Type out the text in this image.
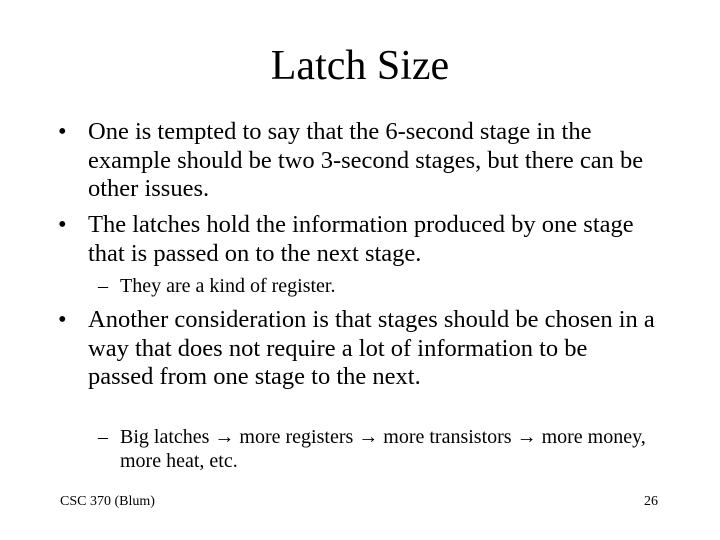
Latch Size
• One is tempted to say that the 6-second stage in the example should be two 3-second stages, but there can be other issues.
• The latches hold the information produced by one stage that is passed on to the next stage.
– They are a kind of register.
• Another consideration is that stages should be chosen in a way that does not require a lot of information to be passed from one stage to the next.
– Big latches → more registers → more transistors → more money, more heat, etc.
CSC 370 (Blum)	26
